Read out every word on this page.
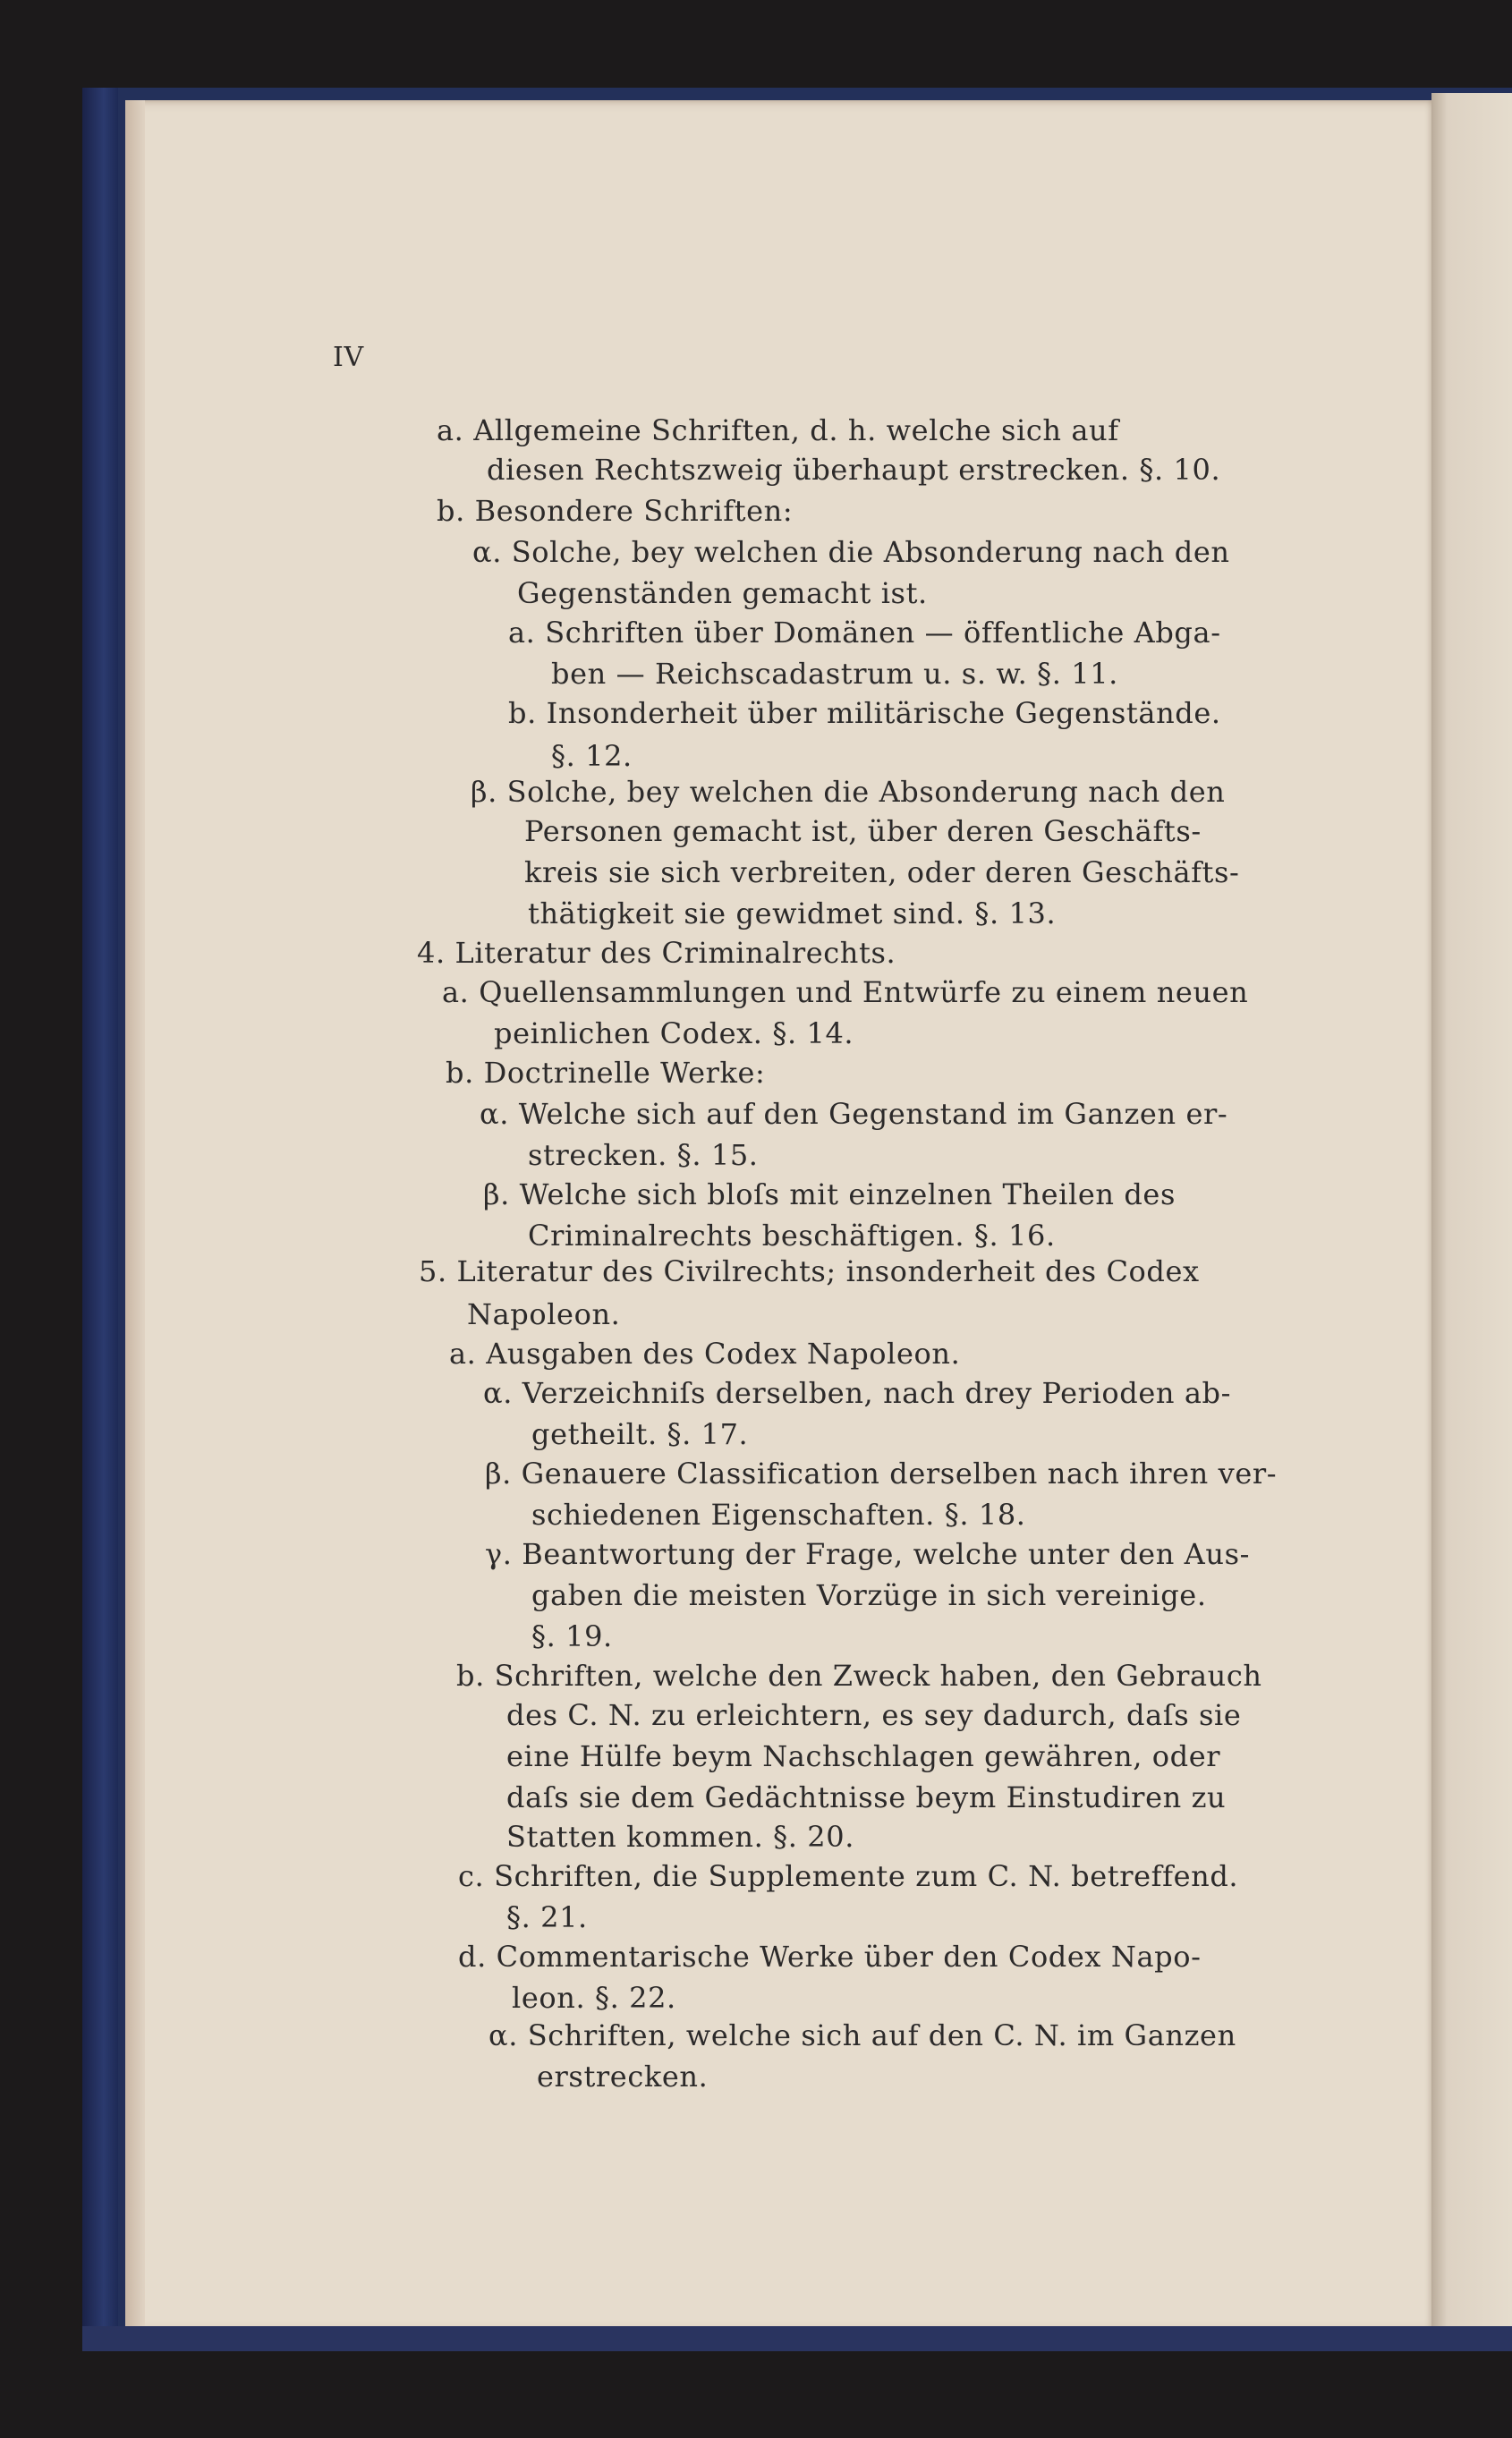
IV

a. Allgemeine Schriften, d. h. welche sich auf

diesen Rechtszweig überhaupt erstrecken. §. 10.

b. Besondere Schriften:

α. Solche, bey welchen die Absonderung nach den

Gegenständen gemacht ist.

a. Schriften über Domänen — öffentliche Abga-

ben — Reichscadastrum u. s. w. §. 11.

b. Insonderheit über militärische Gegenstände.

§. 12.

β. Solche, bey welchen die Absonderung nach den

Personen gemacht ist, über deren Geschäfts-

kreis sie sich verbreiten, oder deren Geschäfts-

thätigkeit sie gewidmet sind. §. 13.

4. Literatur des Criminalrechts.

a. Quellensammlungen und Entwürfe zu einem neuen

peinlichen Codex. §. 14.

b. Doctrinelle Werke:

α. Welche sich auf den Gegenstand im Ganzen er-

strecken. §. 15.

β. Welche sich bloſs mit einzelnen Theilen des

Criminalrechts beschäftigen. §. 16.

5. Literatur des Civilrechts; insonderheit des Codex

Napoleon.

a. Ausgaben des Codex Napoleon.

α. Verzeichniſs derselben, nach drey Perioden ab-

getheilt. §. 17.

β. Genauere Classification derselben nach ihren ver-

schiedenen Eigenschaften. §. 18.

γ. Beantwortung der Frage, welche unter den Aus-

gaben die meisten Vorzüge in sich vereinige.

§. 19.

b. Schriften, welche den Zweck haben, den Gebrauch

des C. N. zu erleichtern, es sey dadurch, daſs sie

eine Hülfe beym Nachschlagen gewähren, oder

daſs sie dem Gedächtnisse beym Einstudiren zu

Statten kommen. §. 20.

c. Schriften, die Supplemente zum C. N. betreffend.

§. 21.

d. Commentarische Werke über den Codex Napo-

leon. §. 22.

α. Schriften, welche sich auf den C. N. im Ganzen

erstrecken.
